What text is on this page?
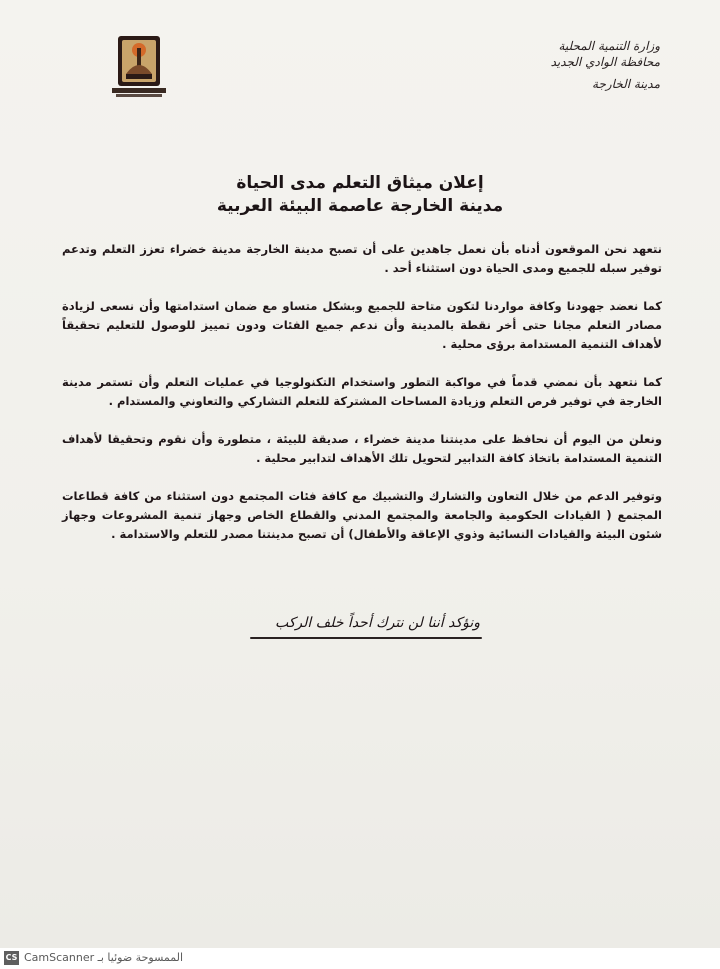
وزارة التنمية المحلية
محافظة الوادي الجديد
مدينة الخارجة
إعلان ميثاق التعلم مدى الحياة
مدينة الخارجة عاصمة البيئة العربية

نتعهد نحن الموقعون أدناه بأن نعمل جاهدين على أن تصبح مدينة الخارجة مدينة خضراء تعزز التعلم وتدعم توفير سبله للجميع ومدى الحياة دون استثناء أحد .

كما نعضد جهودنا وكافة مواردنا لتكون متاحة للجميع وبشكل متساو مع ضمان استدامتها وأن نسعى لزيادة مصادر التعلم مجانا حتى أخر نقطة بالمدينة وأن ندعم جميع الفئات ودون تمييز للوصول للتعليم تحقيقاً لأهداف التنمية المستدامة برؤى محلية .

كما نتعهد بأن نمضي قدماً في مواكبة التطور واستخدام التكنولوجيا في عمليات التعلم وأن تستمر مدينة الخارجة في توفير فرص التعلم وزيادة المساحات المشتركة للتعلم التشاركي والتعاوني والمستدام .

ونعلن من اليوم أن نحافظ على مدينتنا مدينة خضراء ، صديقة للبيئة ، متطورة وأن نقوم وتحقيقا لأهداف التنمية المستدامة باتخاذ كافة التدابير لتحويل تلك الأهداف لتدابير محلية .

وتوفير الدعم من خلال التعاون والتشارك والتشبيك مع كافة فئات المجتمع دون استثناء من كافة قطاعات المجتمع ( القيادات الحكومية والجامعة والمجتمع المدني والقطاع الخاص وجهاز تنمية المشروعات وجهاز شئون البيئة والقيادات النسائية وذوي الإعاقة والأطفال) أن تصبح مدينتنا مصدر للتعلم والاستدامة .

ونؤكد أننا لن نترك أحداً خلف الركب
CS الممسوحة ضوئيا بـ CamScanner
